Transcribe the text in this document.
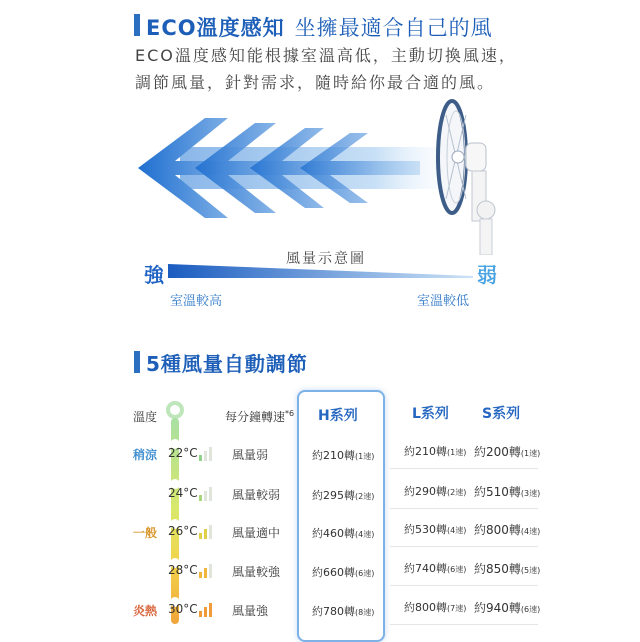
ECO溫度感知 坐擁最適合自己的風
ECO溫度感知能根據室溫高低，主動切換風速，
調節風量，針對需求，隨時給你最合適的風。
風量示意圖
強	弱
室溫較高	室溫較低
5種風量自動調節
溫度	每分鐘轉速$^{*6}$ H系列	L系列 S系列
稍涼 22°C	風量弱	約210轉(1速)	約210轉(1速) 約200轉(1速)
24°C	風量較弱	約295轉(2速)	約290轉(2速) 約510轉(3速)
一般 26°C	風量適中	約460轉(4速)	約530轉(4速) 約800轉(4速)
28°C	風量較強	約660轉(6速)	約740轉(6速) 約850轉(5速)
炎熱 30°C	風量強	約780轉(8速)	約800轉(7速) 約940轉(6速)
